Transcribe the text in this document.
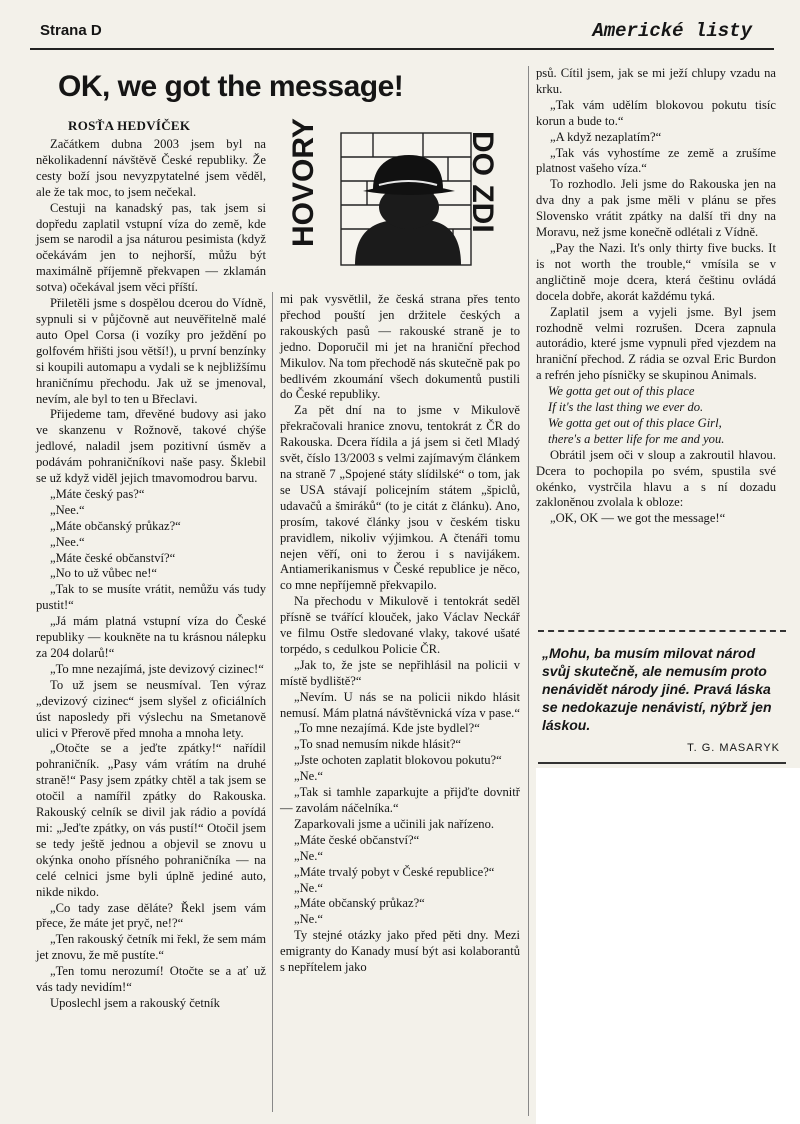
Strana D	Americké listy
OK, we got the message!
ROSŤA HEDVÍČEK	HOVORY	DO ZDI

Začátkem dubna 2003 jsem byl na několikadenní návštěvě České republiky. Že cesty boží jsou nevyzpytatelné jsem věděl, ale že tak moc, to jsem nečekal.

Cestuji na kanadský pas, tak jsem si dopředu zaplatil vstupní víza do země, kde jsem se narodil a jsa náturou pesimista (když očekávám jen to nejhorší, můžu být maximálně příjemně překvapen — zklamán sotva) očekával jsem věci příští.

Přiletěli jsme s dospělou dcerou do Vídně, sypnuli si v půjčovně aut neuvěřitelně malé auto Opel Corsa (i vozíky pro ježdění po golfovém hřišti jsou větší!), u první benzínky si koupili automapu a vydali se k nejbližšímu hraničnímu přechodu. Jak už se jmenoval, nevím, ale byl to ten u Břeclavi.

Přijedeme tam, dřevěné budovy asi jako ve skanzenu v Rožnově, takové chýše jedlové, naladil jsem pozitivní úsměv a podávám pohraničníkovi naše pasy. Šklebil se už když viděl jejich tmavomodrou barvu.

„Máte český pas?“

„Nee.“

„Máte občanský průkaz?“

„Nee.“

„Máte české občanství?“

„No to už vůbec ne!“

„Tak to se musíte vrátit, nemůžu vás tudy pustit!“

„Já mám platná vstupní víza do České republiky — koukněte na tu krásnou nálepku za 204 dolarů!“

„To mne nezajímá, jste devizový cizinec!“

To už jsem se neusmíval. Ten výraz „devizový cizinec“ jsem slyšel z oficiálních úst naposledy při výslechu na Smetanově ulici v Přerově před mnoha a mnoha lety.

„Otočte se a jeďte zpátky!“ nařídil pohraničník. „Pasy vám vrátím na druhé straně!“ Pasy jsem zpátky chtěl a tak jsem se otočil a namířil zpátky do Rakouska. Rakouský celník se divil jak rádio a povídá mi: „Jeďte zpátky, on vás pustí!“ Otočil jsem se tedy ještě jednou a objevil se znovu u okýnka onoho přísného pohraničníka — na celé celnici jsme byli úplně jediné auto, nikde nikdo.

„Co tady zase děláte? Řekl jsem vám přece, že máte jet pryč, ne!?“

„Ten rakouský četník mi řekl, že sem mám jet znovu, že mě pustíte.“

„Ten tomu nerozumí! Otočte se a ať už vás tady nevidím!“

Uposlechl jsem a rakouský četník

mi pak vysvětlil, že česká strana přes tento přechod pouští jen držitele českých a rakouských pasů — rakouské straně je to jedno. Doporučil mi jet na hraniční přechod Mikulov. Na tom přechodě nás skutečně pak po bedlivém zkoumání všech dokumentů pustili do České republiky.

Za pět dní na to jsme v Mikulově překračovali hranice znovu, tentokrát z ČR do Rakouska. Dcera řídila a já jsem si četl Mladý svět, číslo 13/2003 s velmi zajímavým článkem na straně 7 „Spojené státy slídilské“ o tom, jak se USA stávají policejním státem „špiclů, udavačů a šmiráků“ (to je citát z článku). Ano, prosím, takové články jsou v českém tisku pravidlem, nikoliv výjimkou. A čtenáři tomu nejen věří, oni to žerou i s navijákem. Antiamerikanismus v České republice je něco, co mne nepříjemně překvapilo.

Na přechodu v Mikulově i tentokrát seděl přísně se tvářící klouček, jako Václav Neckář ve filmu Ostře sledované vlaky, takové ušaté torpédo, s cedulkou Policie ČR.

„Jak to, že jste se nepřihlásil na policii v místě bydliště?“

„Nevím. U nás se na policii nikdo hlásit nemusí. Mám platná návštěvnická víza v pase.“

„To mne nezajímá. Kde jste bydlel?“

„To snad nemusím nikde hlásit?“

„Jste ochoten zaplatit blokovou pokutu?“

„Ne.“

„Tak si tamhle zaparkujte a přijďte dovnitř — zavolám náčelníka.“

Zaparkovali jsme a učinili jak nařízeno.

„Máte české občanství?“

„Ne.“

„Máte trvalý pobyt v České republice?“

„Ne.“

„Máte občanský průkaz?“

„Ne.“

Ty stejné otázky jako před pěti dny. Mezi emigranty do Kanady musí být asi kolaborantů s nepřítelem jako

psů. Cítil jsem, jak se mi ježí chlupy vzadu na krku.

„Tak vám udělím blokovou pokutu tisíc korun a bude to.“

„A když nezaplatím?“

„Tak vás vyhostíme ze země a zrušíme platnost vašeho víza.“

To rozhodlo. Jeli jsme do Rakouska jen na dva dny a pak jsme měli v plánu se přes Slovensko vrátit zpátky na další tři dny na Moravu, než jsme konečně odlétali z Vídně.

„Pay the Nazi. It's only thirty five bucks. It is not worth the trouble,“ vmísila se v angličtině moje dcera, která češtinu ovládá docela dobře, akorát každému tyká.

Zaplatil jsem a vyjeli jsme. Byl jsem rozhodně velmi rozrušen. Dcera zapnula autorádio, které jsme vypnuli před vjezdem na hraniční přechod. Z rádia se ozval Eric Burdon a refrén jeho písničky se skupinou Animals.

We gotta get out of this place

If it's the last thing we ever do.

We gotta get out of this place Girl,

there's a better life for me and you.

Obrátil jsem oči v sloup a zakroutil hlavou. Dcera to pochopila po svém, spustila své okénko, vystrčila hlavu a s ní dozadu zakloněnou zvolala k obloze:

„OK, OK — we got the message!“

„Mohu, ba musím milovat národ svůj skutečně, ale nemusím proto nenávidět národy jiné. Pravá láska se nedokazuje nenávistí, nýbrž jen láskou.
T. G. MASARYK
